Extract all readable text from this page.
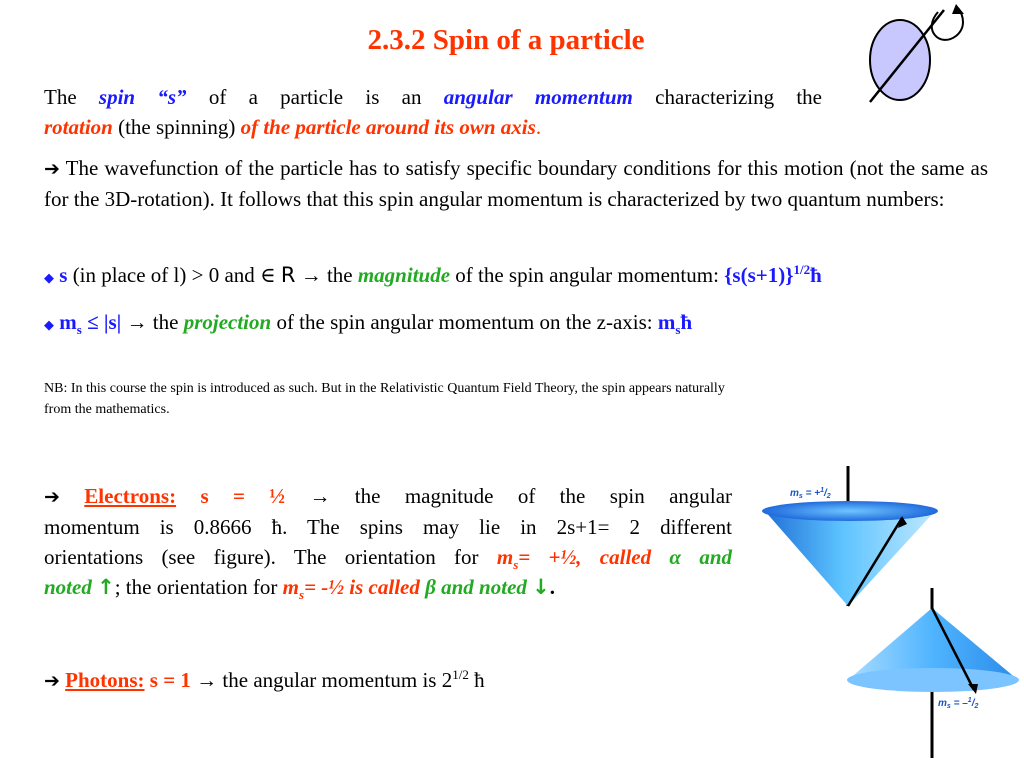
2.3.2 Spin of a particle
The spin “s” of a particle is an angular momentum characterizing the
rotation (the spinning) of the particle around its own axis.
➔ The wavefunction of the particle has to satisfy specific boundary conditions for this motion (not the same as for the 3D-rotation). It follows that this spin angular momentum is characterized by two quantum numbers:
◆ s (in place of l) > 0 and ∈ R → the magnitude of the spin angular momentum: $\{s(s+1)\}^{1/2}ħ$
◆ $m_s \le |s|$ → the projection of the spin angular momentum on the z-axis: $m_sħ$
NB: In this course the spin is introduced as such. But in the Relativistic Quantum Field Theory, the spin appears naturally from the mathematics.
➔ Electrons: s = ½ → the magnitude of the spin angular
momentum is 0.8666 ħ. The spins may lie in 2s+1= 2 different
orientations (see figure). The orientation for $m_s=$ +½, called α and
noted ↑; the orientation for $m_s=$ -½ is called β and noted ↓.
➔ Photons: s = 1 → the angular momentum is $2^{1/2}$ ħ
$m_s = +^1/_2$
$m_s = -^1/_2$
